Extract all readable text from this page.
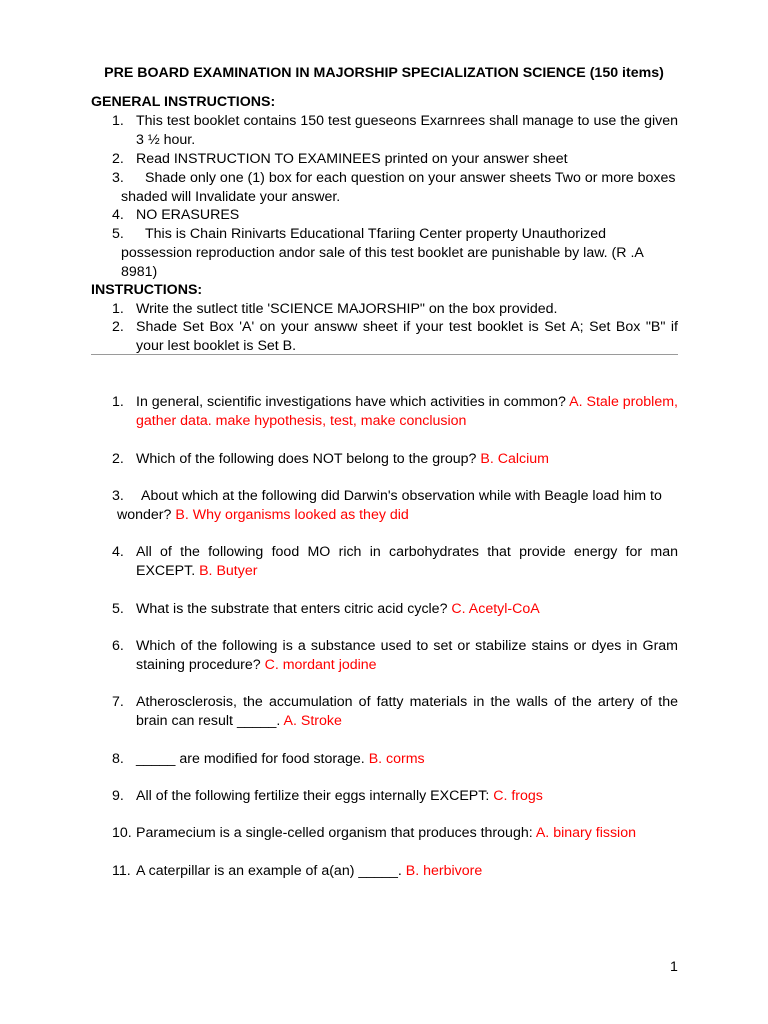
PRE BOARD EXAMINATION IN MAJORSHIP SPECIALIZATION SCIENCE (150 items)
GENERAL INSTRUCTIONS:
1. This test booklet contains 150 test gueseons Exarnrees shall manage to use the given 3 ½ hour.
2. Read INSTRUCTION TO EXAMINEES printed on your answer sheet
3.	Shade only one (1) box for each question on your answer sheets Two or more boxes shaded will Invalidate your answer.
4. NO ERASURES
5.	This is Chain Rinivarts Educational Tfariing Center property Unauthorized possession reproduction andor sale of this test booklet are punishable by law. (R .A 8981)
INSTRUCTIONS:
1. Write the sutlect title 'SCIENCE MAJORSHIP" on the box provided.
2. Shade Set Box 'A' on your answw sheet if your test booklet is Set A; Set Box "B" if your lest booklet is Set B.
1. In general, scientific investigations have which activities in common? A. Stale problem, gather data. make hypothesis, test, make conclusion
2. Which of the following does NOT belong to the group? B. Calcium
3.	About which at the following did Darwin's observation while with Beagle load him to wonder? B. Why organisms looked as they did
4. All of the following food MO rich in carbohydrates that provide energy for man EXCEPT. B. Butyer
5. What is the substrate that enters citric acid cycle? C. Acetyl-CoA
6. Which of the following is a substance used to set or stabilize stains or dyes in Gram staining procedure? C. mordant jodine
7. Atherosclerosis, the accumulation of fatty materials in the walls of the artery of the brain can result _____. A. Stroke
8. _____ are modified for food storage. B. corms
9. All of the following fertilize their eggs internally EXCEPT: C. frogs
10. Paramecium is a single-celled organism that produces through: A. binary fission
11. A caterpillar is an example of a(an) _____. B. herbivore
1
